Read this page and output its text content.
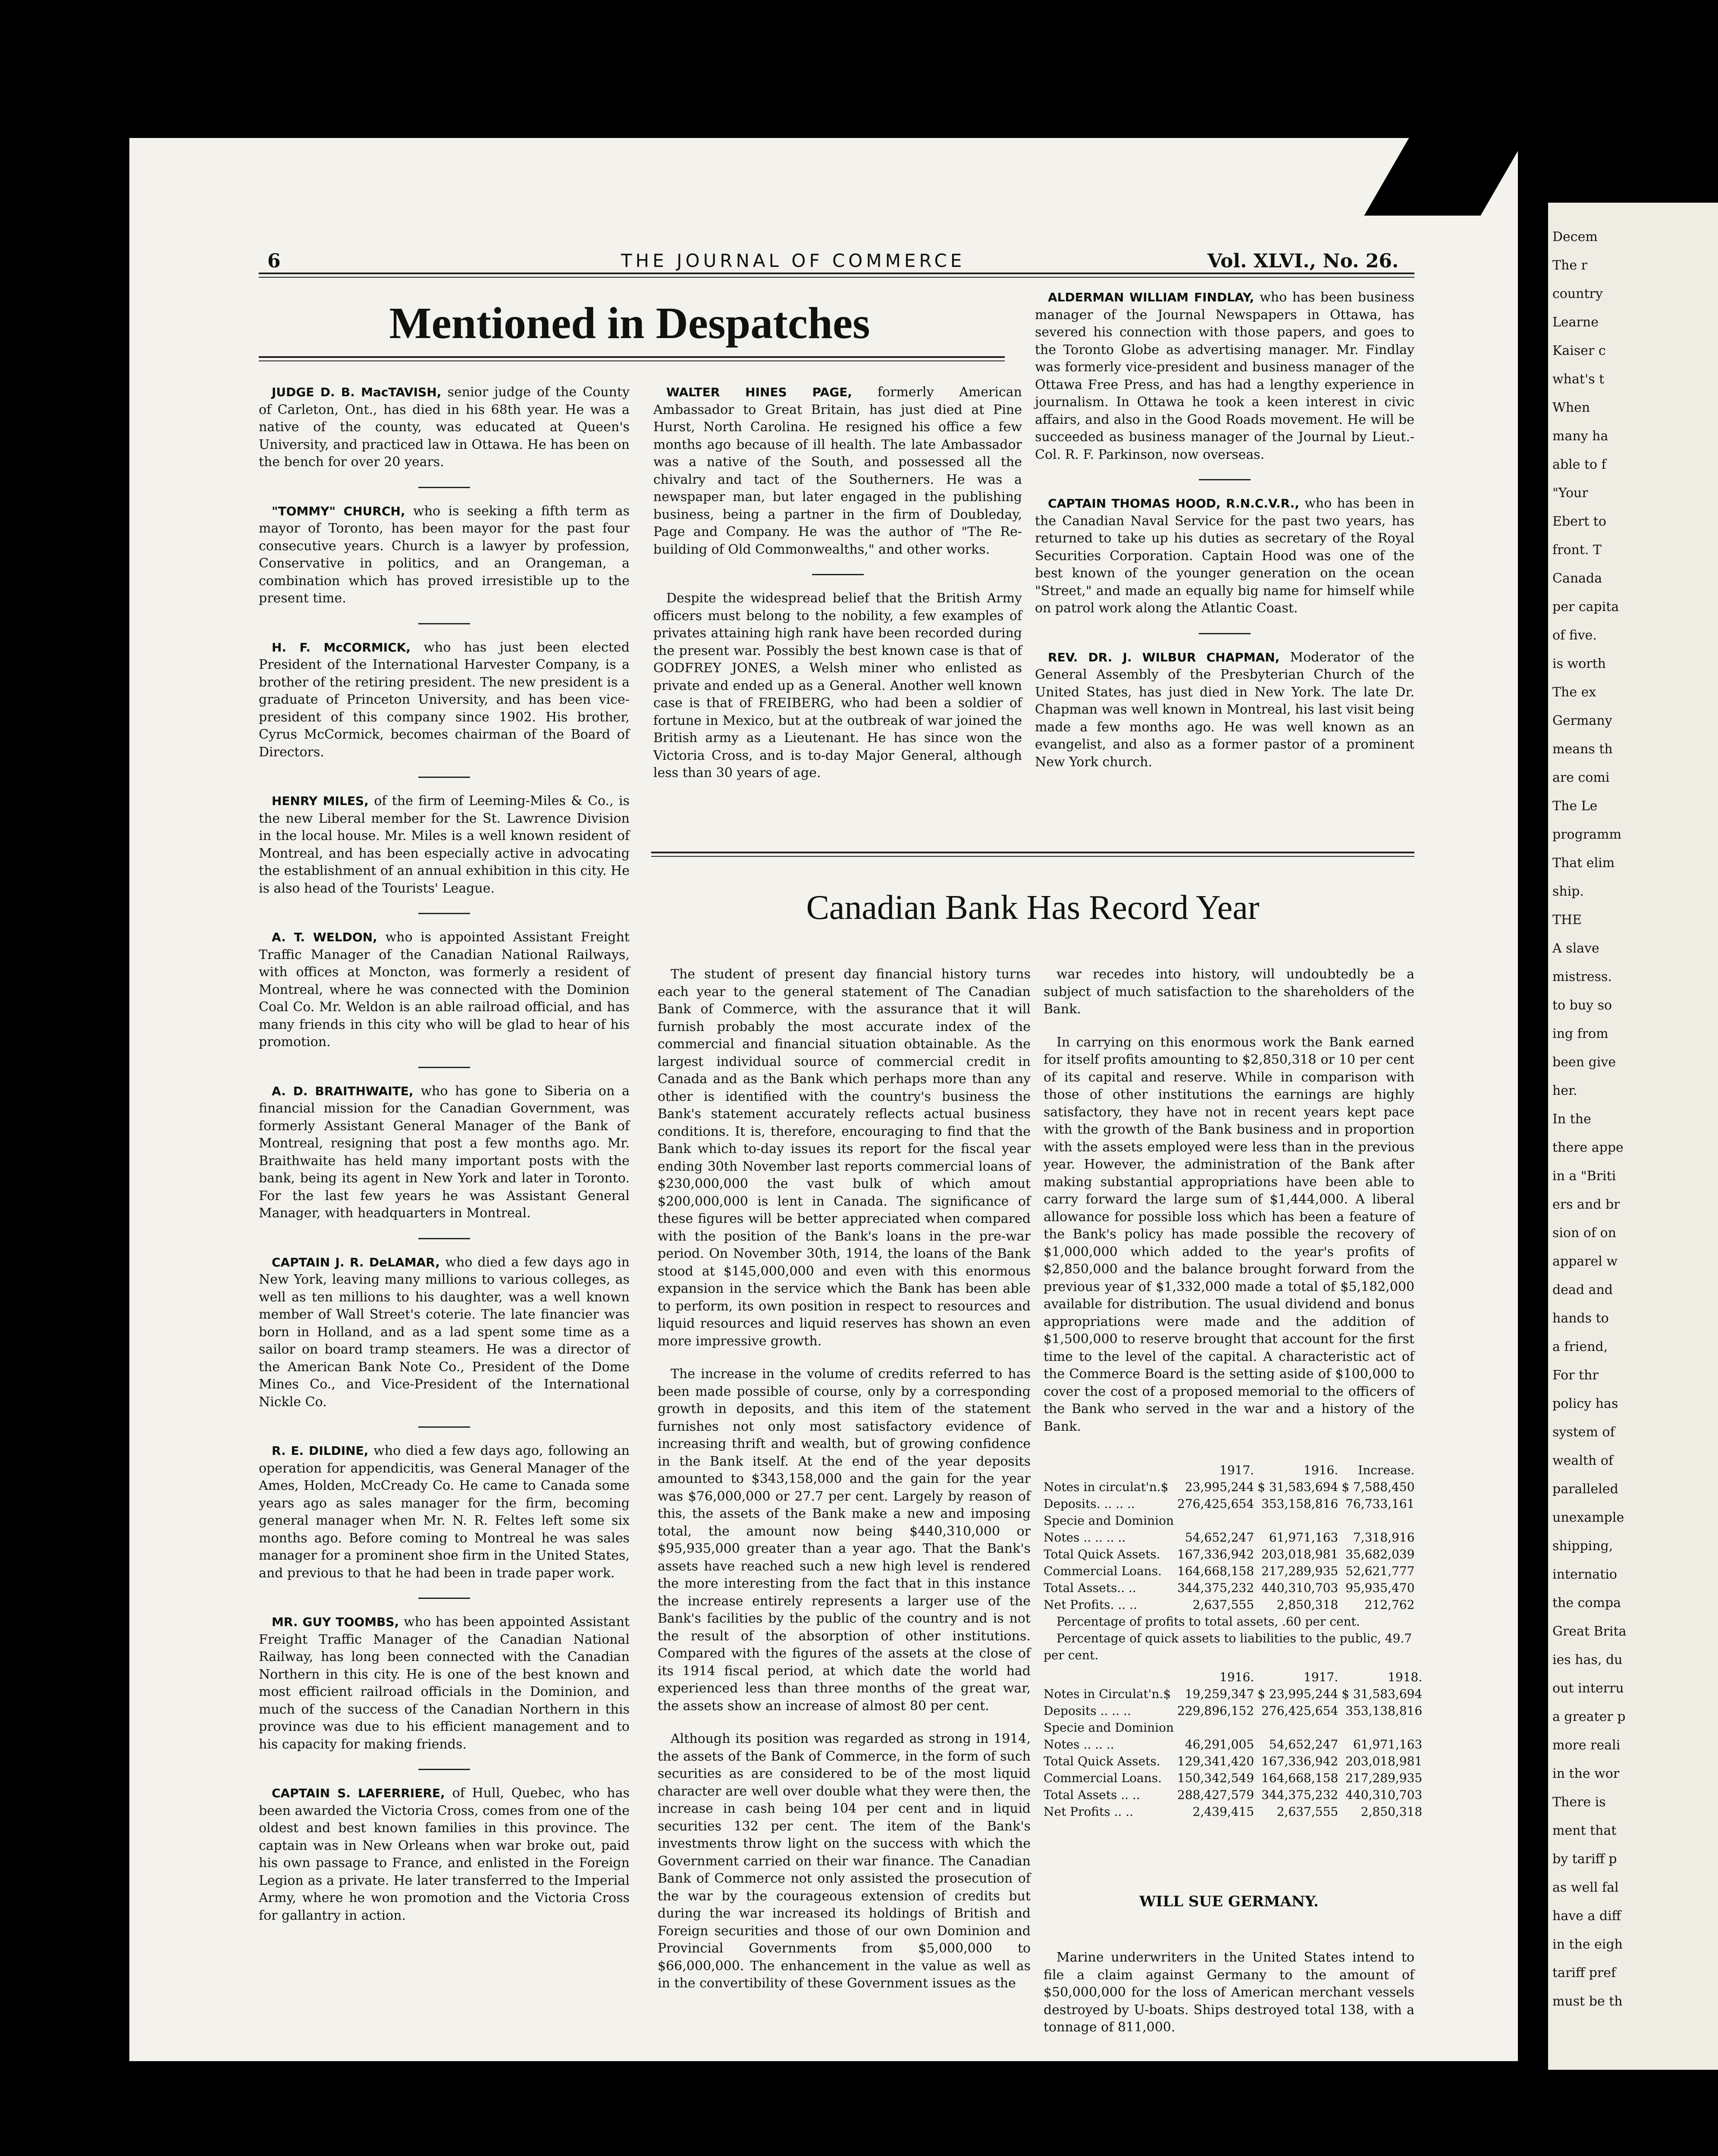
Decem
The r
country
Learne
Kaiser c
what's t
When
many ha
able to f
"Your
Ebert to
front. T
Canada
per capita
of five.
is worth
The ex
Germany
means th
are comi
The Le
programm
That elim
ship.
THE
A slave
mistress.
to buy so
ing from
been give
her.
In the
there appe
in a "Briti
ers and br
sion of on
apparel w
dead and
hands to
a friend,
For thr
policy has
system of
wealth of
paralleled
unexample
shipping,
internatio
the compa
Great Brita
ies has, du
out interru
a greater p
more reali
in the wor
There is
ment that
by tariff p
as well fal
have a diff
in the eigh
tariff pref
must be th
6	THE JOURNAL OF COMMERCE	Vol. XLVI., No. 26.
Mentioned in Despatches

JUDGE D. B. MacTAVISH, senior judge of the County of Carleton, Ont., has died in his 68th year. He was a native of the county, was educated at Queen's University, and practiced law in Ottawa. He has been on the bench for over 20 years.

"TOMMY" CHURCH, who is seeking a fifth term as mayor of Toronto, has been mayor for the past four consecutive years. Church is a lawyer by profession, Conservative in politics, and an Orangeman, a combination which has proved irresistible up to the present time.

H. F. McCORMICK, who has just been elected President of the International Harvester Company, is a brother of the retiring president. The new president is a graduate of Princeton University, and has been vice-president of this company since 1902. His brother, Cyrus McCormick, becomes chairman of the Board of Directors.

HENRY MILES, of the firm of Leeming-Miles & Co., is the new Liberal member for the St. Lawrence Division in the local house. Mr. Miles is a well known resident of Montreal, and has been especially active in advocating the establishment of an annual exhibition in this city. He is also head of the Tourists' League.

A. T. WELDON, who is appointed Assistant Freight Traffic Manager of the Canadian National Railways, with offices at Moncton, was formerly a resident of Montreal, where he was connected with the Dominion Coal Co. Mr. Weldon is an able railroad official, and has many friends in this city who will be glad to hear of his promotion.

A. D. BRAITHWAITE, who has gone to Siberia on a financial mission for the Canadian Government, was formerly Assistant General Manager of the Bank of Montreal, resigning that post a few months ago. Mr. Braithwaite has held many important posts with the bank, being its agent in New York and later in Toronto. For the last few years he was Assistant General Manager, with headquarters in Montreal.

CAPTAIN J. R. DeLAMAR, who died a few days ago in New York, leaving many millions to various colleges, as well as ten millions to his daughter, was a well known member of Wall Street's coterie. The late financier was born in Holland, and as a lad spent some time as a sailor on board tramp steamers. He was a director of the American Bank Note Co., President of the Dome Mines Co., and Vice-President of the International Nickle Co.

R. E. DILDINE, who died a few days ago, following an operation for appendicitis, was General Manager of the Ames, Holden, McCready Co. He came to Canada some years ago as sales manager for the firm, becoming general manager when Mr. N. R. Feltes left some six months ago. Before coming to Montreal he was sales manager for a prominent shoe firm in the United States, and previous to that he had been in trade paper work.

MR. GUY TOOMBS, who has been appointed Assistant Freight Traffic Manager of the Canadian National Railway, has long been connected with the Canadian Northern in this city. He is one of the best known and most efficient railroad officials in the Dominion, and much of the success of the Canadian Northern in this province was due to his efficient management and to his capacity for making friends.

CAPTAIN S. LAFERRIERE, of Hull, Quebec, who has been awarded the Victoria Cross, comes from one of the oldest and best known families in this province. The captain was in New Orleans when war broke out, paid his own passage to France, and enlisted in the Foreign Legion as a private. He later transferred to the Imperial Army, where he won promotion and the Victoria Cross for gallantry in action.

WALTER HINES PAGE, formerly American Ambassador to Great Britain, has just died at Pine Hurst, North Carolina. He resigned his office a few months ago because of ill health. The late Ambassador was a native of the South, and possessed all the chivalry and tact of the Southerners. He was a newspaper man, but later engaged in the publishing business, being a partner in the firm of Doubleday, Page and Company. He was the author of "The Re-building of Old Commonwealths," and other works.

Despite the widespread belief that the British Army officers must belong to the nobility, a few examples of privates attaining high rank have been recorded during the present war. Possibly the best known case is that of GODFREY JONES, a Welsh miner who enlisted as private and ended up as a General. Another well known case is that of FREIBERG, who had been a soldier of fortune in Mexico, but at the outbreak of war joined the British army as a Lieutenant. He has since won the Victoria Cross, and is to-day Major General, although less than 30 years of age.

ALDERMAN WILLIAM FINDLAY, who has been business manager of the Journal Newspapers in Ottawa, has severed his connection with those papers, and goes to the Toronto Globe as advertising manager. Mr. Findlay was formerly vice-president and business manager of the Ottawa Free Press, and has had a lengthy experience in journalism. In Ottawa he took a keen interest in civic affairs, and also in the Good Roads movement. He will be succeeded as business manager of the Journal by Lieut.-Col. R. F. Parkinson, now overseas.

CAPTAIN THOMAS HOOD, R.N.C.V.R., who has been in the Canadian Naval Service for the past two years, has returned to take up his duties as secretary of the Royal Securities Corporation. Captain Hood was one of the best known of the younger generation on the ocean "Street," and made an equally big name for himself while on patrol work along the Atlantic Coast.

REV. DR. J. WILBUR CHAPMAN, Moderator of the General Assembly of the Presbyterian Church of the United States, has just died in New York. The late Dr. Chapman was well known in Montreal, his last visit being made a few months ago. He was well known as an evangelist, and also as a former pastor of a prominent New York church.

Canadian Bank Has Record Year

The student of present day financial history turns each year to the general statement of The Canadian Bank of Commerce, with the assurance that it will furnish probably the most accurate index of the commercial and financial situation obtainable. As the largest individual source of commercial credit in Canada and as the Bank which perhaps more than any other is identified with the country's business the Bank's statement accurately reflects actual business conditions. It is, therefore, encouraging to find that the Bank which to-day issues its report for the fiscal year ending 30th November last reports commercial loans of $230,000,000 the vast bulk of which amout $200,000,000 is lent in Canada. The significance of these figures will be better appreciated when compared with the position of the Bank's loans in the pre-war period. On November 30th, 1914, the loans of the Bank stood at $145,000,000 and even with this enormous expansion in the service which the Bank has been able to perform, its own position in respect to resources and liquid resources and liquid reserves has shown an even more impressive growth.

The increase in the volume of credits referred to has been made possible of course, only by a corresponding growth in deposits, and this item of the statement furnishes not only most satisfactory evidence of increasing thrift and wealth, but of growing confidence in the Bank itself. At the end of the year deposits amounted to $343,158,000 and the gain for the year was $76,000,000 or 27.7 per cent. Largely by reason of this, the assets of the Bank make a new and imposing total, the amount now being $440,310,000 or $95,935,000 greater than a year ago. That the Bank's assets have reached such a new high level is rendered the more interesting from the fact that in this instance the increase entirely represents a larger use of the Bank's facilities by the public of the country and is not the result of the absorption of other institutions. Compared with the figures of the assets at the close of its 1914 fiscal period, at which date the world had experienced less than three months of the great war, the assets show an increase of almost 80 per cent.

Although its position was regarded as strong in 1914, the assets of the Bank of Commerce, in the form of such securities as are considered to be of the most liquid character are well over double what they were then, the increase in cash being 104 per cent and in liquid securities 132 per cent. The item of the Bank's investments throw light on the success with which the Government carried on their war finance. The Canadian Bank of Commerce not only assisted the prosecution of the war by the courageous extension of credits but during the war increased its holdings of British and Foreign securities and those of our own Dominion and Provincial Governments from $5,000,000 to $66,000,000. The enhancement in the value as well as in the convertibility of these Government issues as the

war recedes into history, will undoubtedly be a subject of much satisfaction to the shareholders of the Bank.

In carrying on this enormous work the Bank earned for itself profits amounting to $2,850,318 or 10 per cent of its capital and reserve. While in comparison with those of other institutions the earnings are highly satisfactory, they have not in recent years kept pace with the growth of the Bank business and in proportion with the assets employed were less than in the previous year. However, the administration of the Bank after making substantial appropriations have been able to carry forward the large sum of $1,444,000. A liberal allowance for possible loss which has been a feature of the Bank's policy has made possible the recovery of $1,000,000 which added to the year's profits of $2,850,000 and the balance brought forward from the previous year of $1,332,000 made a total of $5,182,000 available for distribution. The usual dividend and bonus appropriations were made and the addition of $1,500,000 to reserve brought that account for the first time to the level of the capital. A characteristic act of the Commerce Board is the setting aside of $100,000 to cover the cost of a proposed memorial to the officers of the Bank who served in the war and a history of the Bank.

	1917.	1916.	Increase.
Notes in circulat'n.$	23,995,244	$ 31,583,694	$ 7,588,450
Deposits. .. .. ..	276,425,654	353,158,816	76,733,161
Specie and Dominion			
Notes .. .. .. ..	54,652,247	61,971,163	7,318,916
Total Quick Assets.	167,336,942	203,018,981	35,682,039
Commercial Loans.	164,668,158	217,289,935	52,621,777
Total Assets.. ..	344,375,232	440,310,703	95,935,470
Net Profits. .. ..	2,637,555	2,850,318	212,762
Percentage of profits to total assets, .60 per cent.
Percentage of quick assets to liabilities to the public, 49.7 per cent.
	1916.	1917.	1918.
Notes in Circulat'n.$	19,259,347	$ 23,995,244	$ 31,583,694
Deposits .. .. ..	229,896,152	276,425,654	353,138,816
Specie and Dominion			
Notes .. .. ..	46,291,005	54,652,247	61,971,163
Total Quick Assets.	129,341,420	167,336,942	203,018,981
Commercial Loans.	150,342,549	164,668,158	217,289,935
Total Assets .. ..	288,427,579	344,375,232	440,310,703
Net Profits .. ..	2,439,415	2,637,555	2,850,318
WILL SUE GERMANY.

Marine underwriters in the United States intend to file a claim against Germany to the amount of $50,000,000 for the loss of American merchant vessels destroyed by U-boats. Ships destroyed total 138, with a tonnage of 811,000.
